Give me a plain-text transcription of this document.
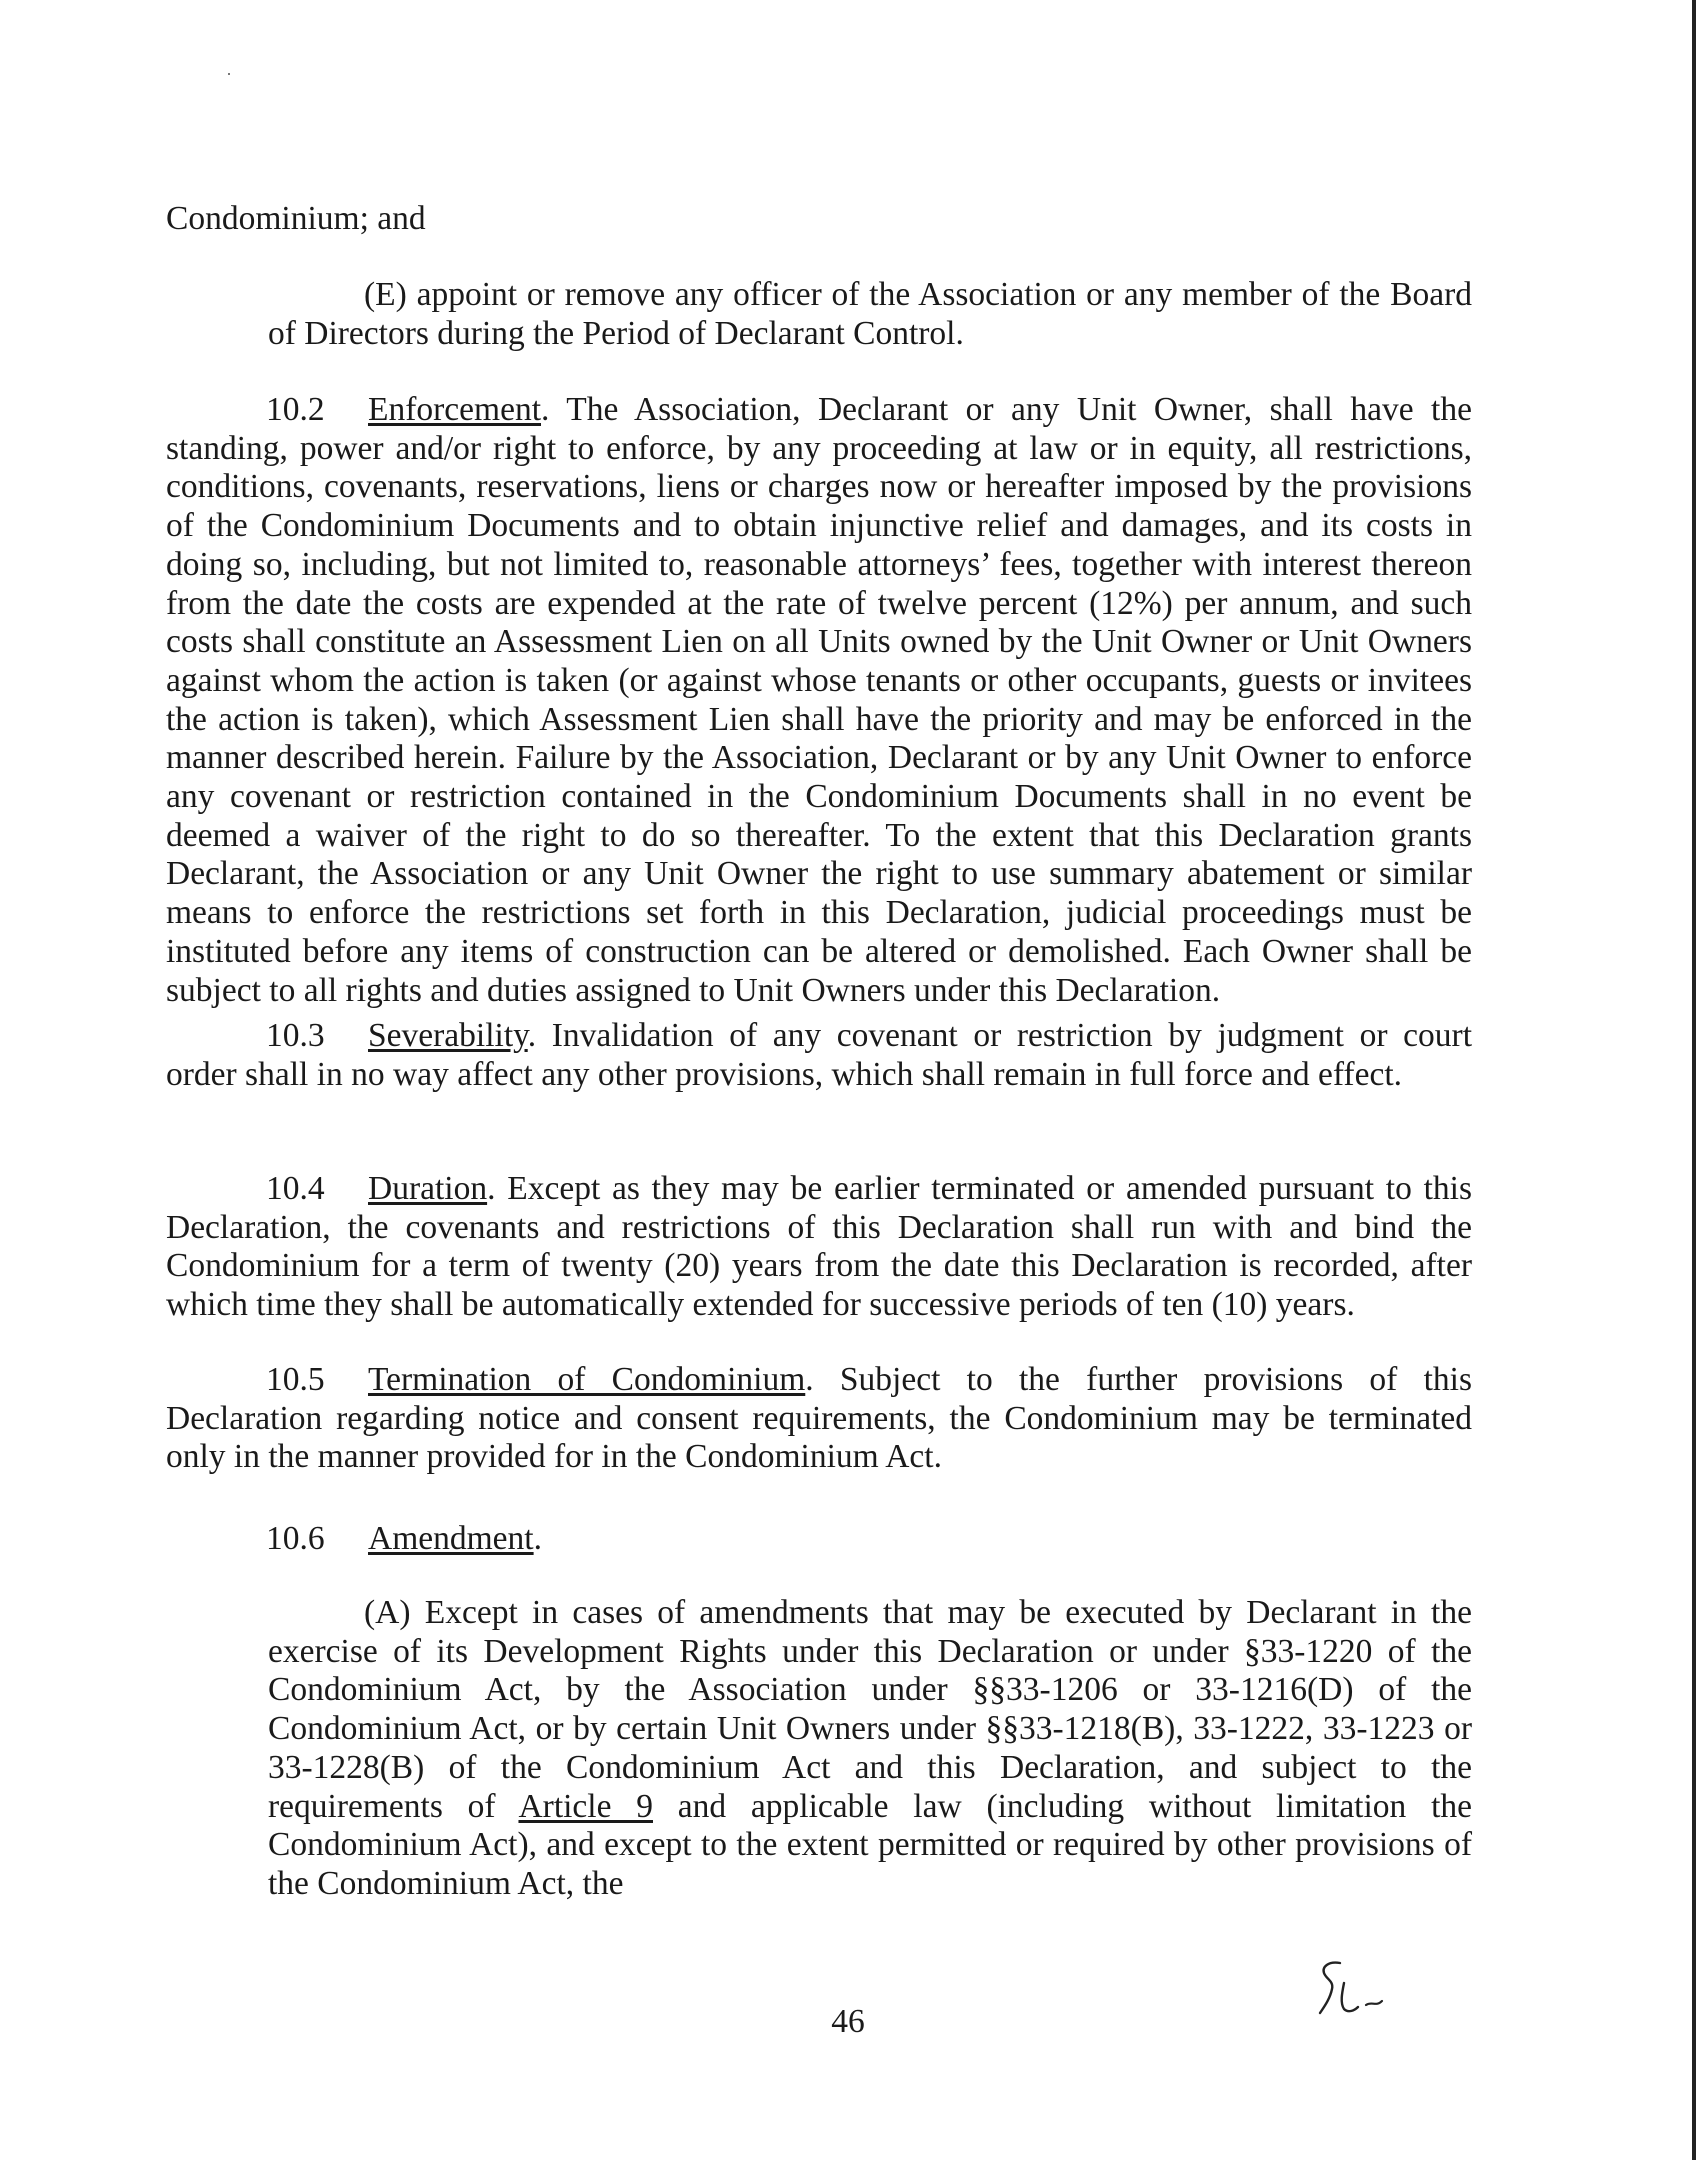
Condominium; and

(E) appoint or remove any officer of the Association or any member of the Board of Directors during the Period of Declarant Control.

10.2 Enforcement. The Association, Declarant or any Unit Owner, shall have the standing, power and/or right to enforce, by any proceeding at law or in equity, all restrictions, conditions, covenants, reservations, liens or charges now or hereafter imposed by the provisions of the Condominium Documents and to obtain injunctive relief and damages, and its costs in doing so, including, but not limited to, reasonable attorneys’ fees, together with interest thereon from the date the costs are expended at the rate of twelve percent (12%) per annum, and such costs shall constitute an Assessment Lien on all Units owned by the Unit Owner or Unit Owners against whom the action is taken (or against whose tenants or other occupants, guests or invitees the action is taken), which Assessment Lien shall have the priority and may be enforced in the manner described herein. Failure by the Association, Declarant or by any Unit Owner to enforce any covenant or restriction contained in the Condominium Documents shall in no event be deemed a waiver of the right to do so thereafter. To the extent that this Declaration grants Declarant, the Association or any Unit Owner the right to use summary abatement or similar means to enforce the restrictions set forth in this Declaration, judicial proceedings must be instituted before any items of construction can be altered or demolished. Each Owner shall be subject to all rights and duties assigned to Unit Owners under this Declaration.

10.3 Severability. Invalidation of any covenant or restriction by judgment or court order shall in no way affect any other provisions, which shall remain in full force and effect.

10.4 Duration. Except as they may be earlier terminated or amended pursuant to this Declaration, the covenants and restrictions of this Declaration shall run with and bind the Condominium for a term of twenty (20) years from the date this Declaration is recorded, after which time they shall be automatically extended for successive periods of ten (10) years.

10.5 Termination of Condominium. Subject to the further provisions of this Declaration regarding notice and consent requirements, the Condominium may be terminated only in the manner provided for in the Condominium Act.

10.6 Amendment.

(A) Except in cases of amendments that may be executed by Declarant in the exercise of its Development Rights under this Declaration or under §33-1220 of the Condominium Act, by the Association under §§33-1206 or 33-1216(D) of the Condominium Act, or by certain Unit Owners under §§33-1218(B), 33-1222, 33-1223 or 33-1228(B) of the Condominium Act and this Declaration, and subject to the requirements of Article 9 and applicable law (including without limitation the Condominium Act), and except to the extent permitted or required by other provisions of the Condominium Act, the

46
